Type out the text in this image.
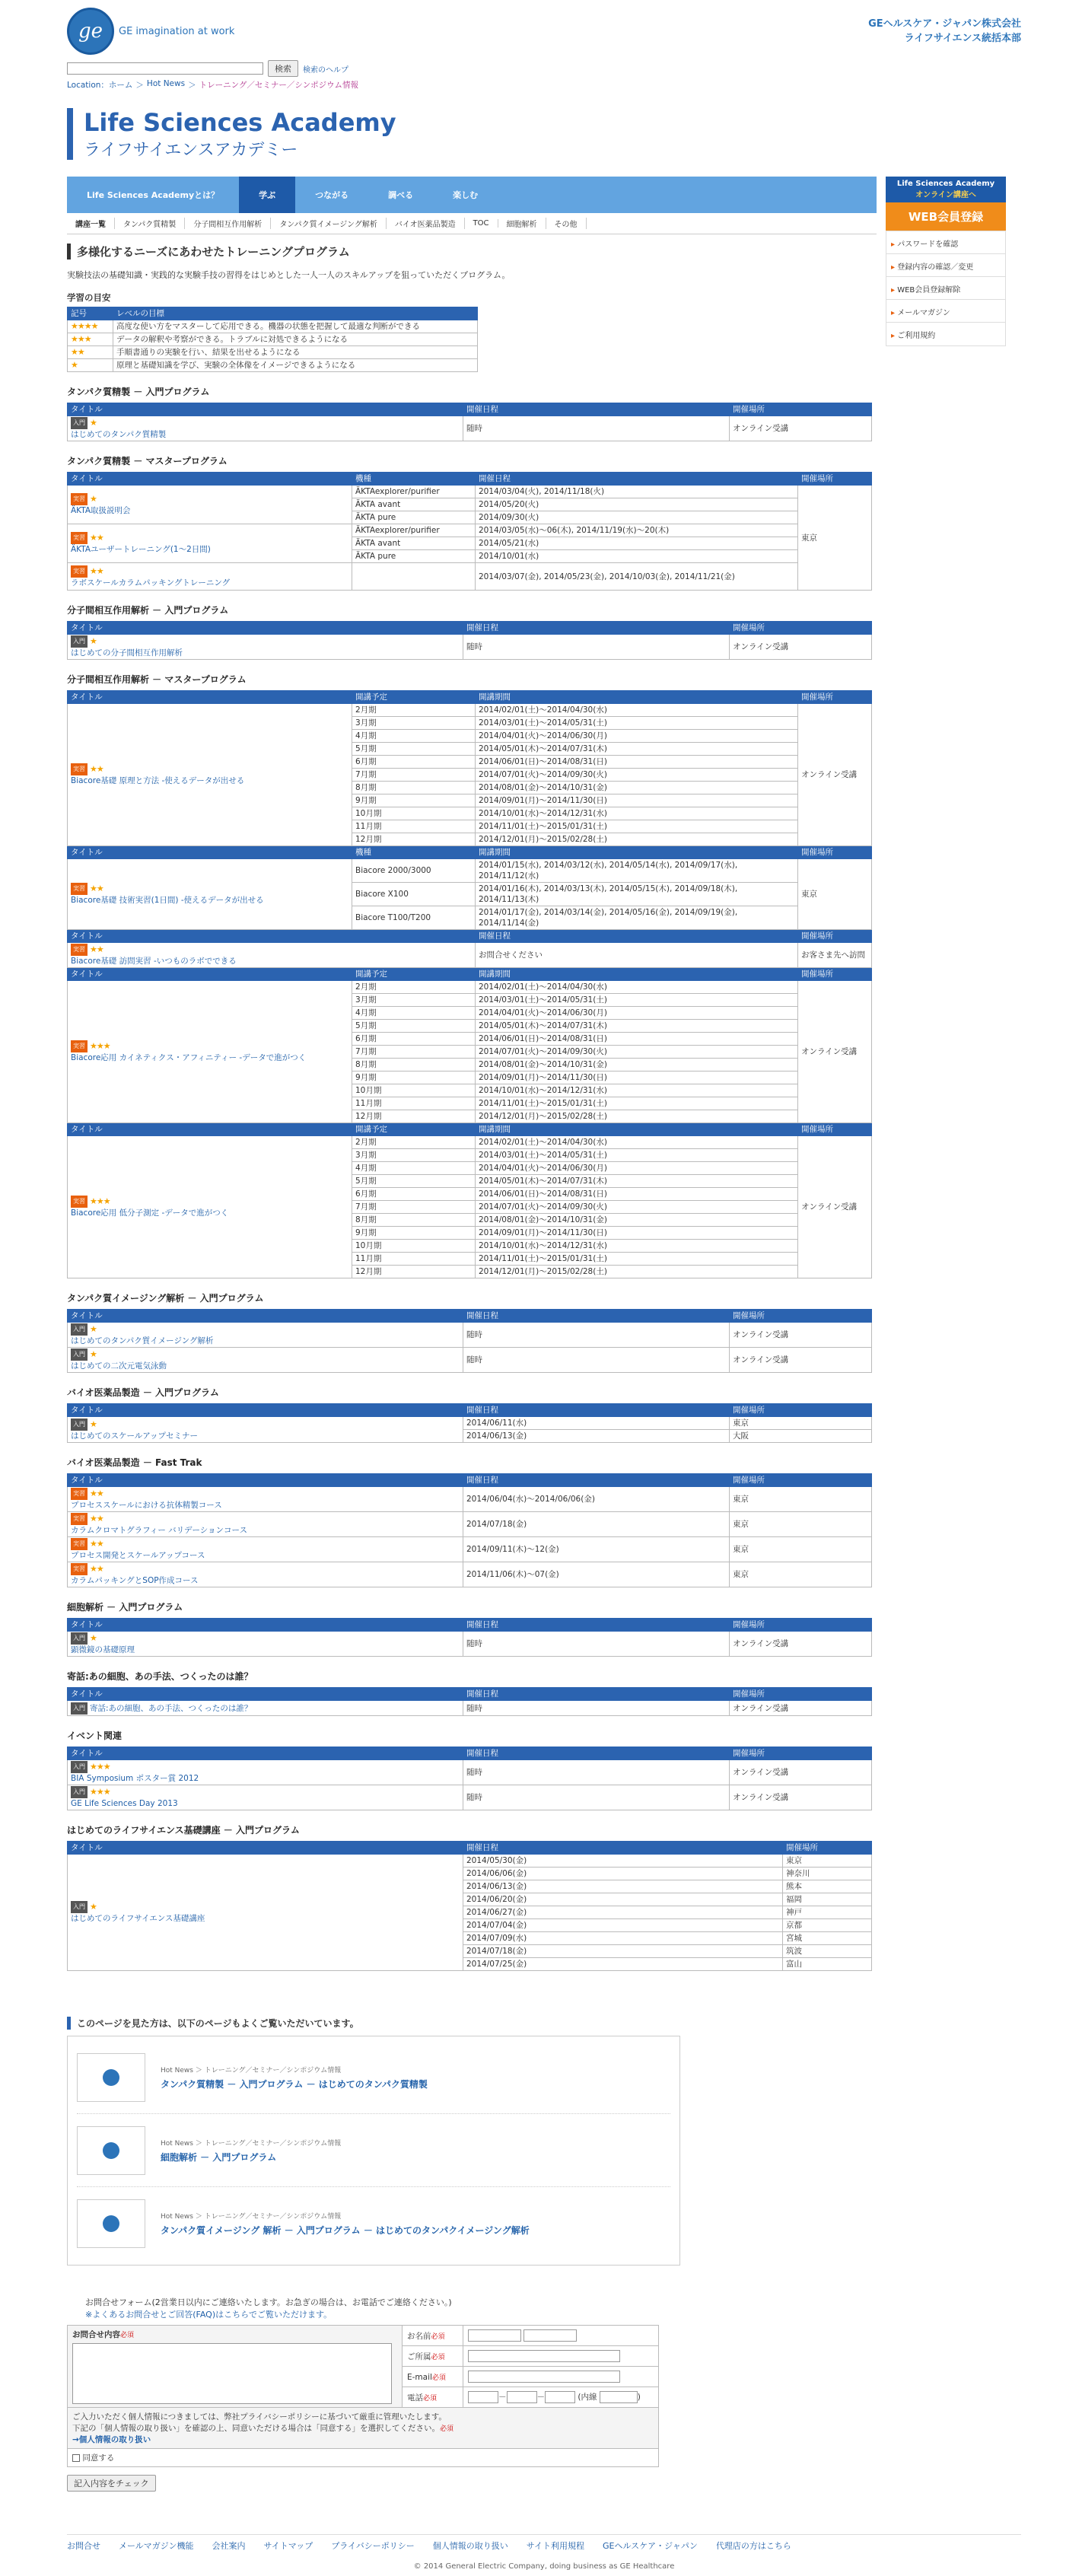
ge	GE imagination at work
GEヘルスケア・ジャパン株式会社
ライフサイエンス統括本部
検索	検索のヘルプ
Location：ホーム ＞ Hot News ＞ トレーニング／セミナー／シンポジウム情報
Life Sciences Academy
ライフサイエンスアカデミー
Life Sciences Academyとは？	学ぶ	つながる	調べる	楽しむ
講座一覧	タンパク質精製	分子間相互作用解析	タンパク質イメージング解析	バイオ医薬品製造	TOC	細胞解析	その他
Life Sciences Academy
オンライン講座へ
WEB会員登録
▸ パスワードを確認
▸ 登録内容の確認／変更
▸ WEB会員登録解除
▸ メールマガジン
▸ ご利用規約
多様化するニーズにあわせたトレーニングプログラム
実験技法の基礎知識・実践的な実験手技の習得をはじめとした一人一人のスキルアップを狙っていただくプログラム。
学習の目安
記号	レベルの目標
★★★★	高度な使い方をマスターして応用できる。機器の状態を把握して最適な判断ができる
★★★	データの解釈や考察ができる。トラブルに対処できるようになる
★★	手順書通りの実験を行い、結果を出せるようになる
★	原理と基礎知識を学び、実験の全体像をイメージできるようになる
タンパク質精製 － 入門プログラム
タイトル	開催日程	開催場所
入門 ★
はじめてのタンパク質精製	随時	オンライン受講
タンパク質精製 － マスタープログラム
タイトル	機種	開催日程	開催場所
実習 ★
ÄKTA取扱説明会	ÄKTAexplorer/purifier	2014/03/04(火), 2014/11/18(火)	東京
	ÄKTA avant	2014/05/20(火)	
	ÄKTA pure	2014/09/30(火)	
実習 ★★
ÄKTAユーザートレーニング(1～2日間)	ÄKTAexplorer/purifier	2014/03/05(水)～06(木), 2014/11/19(水)～20(木)	
	ÄKTA avant	2014/05/21(水)	
	ÄKTA pure	2014/10/01(水)	
実習 ★★
ラボスケールカラムパッキングトレーニング		2014/03/07(金), 2014/05/23(金), 2014/10/03(金), 2014/11/21(金)	

分子間相互作用解析 － 入門プログラム
タイトル	開催日程	開催場所
入門 ★
はじめての分子間相互作用解析	随時	オンライン受講
分子間相互作用解析 － マスタープログラム
タイトル	開講予定	開講期間	開催場所
実習 ★★
Biacore基礎 原理と方法 -使えるデータが出せる	2月期	2014/02/01(土)～2014/04/30(水)	オンライン受講
	3月期	2014/03/01(土)～2014/05/31(土)	
	4月期	2014/04/01(火)～2014/06/30(月)	
	5月期	2014/05/01(木)～2014/07/31(木)	
	6月期	2014/06/01(日)～2014/08/31(日)	
	7月期	2014/07/01(火)～2014/09/30(火)	
	8月期	2014/08/01(金)～2014/10/31(金)	
	9月期	2014/09/01(月)～2014/11/30(日)	
	10月期	2014/10/01(水)～2014/12/31(水)	
	11月期	2014/11/01(土)～2015/01/31(土)	
	12月期	2014/12/01(月)～2015/02/28(土)	
タイトル	機種	開講期間	開催場所
実習 ★★
Biacore基礎 技術実習(1日間) -使えるデータが出せる	Biacore 2000/3000	2014/01/15(水), 2014/03/12(水), 2014/05/14(水), 2014/09/17(水), 2014/11/12(水)	東京
	Biacore X100	2014/01/16(木), 2014/03/13(木), 2014/05/15(木), 2014/09/18(木), 2014/11/13(木)	
	Biacore T100/T200	2014/01/17(金), 2014/03/14(金), 2014/05/16(金), 2014/09/19(金), 2014/11/14(金)	
タイトル		開催日程	開催場所
実習 ★★
Biacore基礎 訪問実習 -いつものラボでできる		お問合せください	お客さま先へ訪問
タイトル	開講予定	開講期間	開催場所
実習 ★★★
Biacore応用 カイネティクス・アフィニティー -データで進がつく	2月期	2014/02/01(土)～2014/04/30(水)	オンライン受講
	3月期	2014/03/01(土)～2014/05/31(土)	
	4月期	2014/04/01(火)～2014/06/30(月)	
	5月期	2014/05/01(木)～2014/07/31(木)	
	6月期	2014/06/01(日)～2014/08/31(日)	
	7月期	2014/07/01(火)～2014/09/30(火)	
	8月期	2014/08/01(金)～2014/10/31(金)	
	9月期	2014/09/01(月)～2014/11/30(日)	
	10月期	2014/10/01(水)～2014/12/31(水)	
	11月期	2014/11/01(土)～2015/01/31(土)	
	12月期	2014/12/01(月)～2015/02/28(土)	
タイトル	開講予定	開講期間	開催場所
実習 ★★★
Biacore応用 低分子測定 -データで進がつく	2月期	2014/02/01(土)～2014/04/30(水)	オンライン受講
	3月期	2014/03/01(土)～2014/05/31(土)	
	4月期	2014/04/01(火)～2014/06/30(月)	
	5月期	2014/05/01(木)～2014/07/31(木)	
	6月期	2014/06/01(日)～2014/08/31(日)	
	7月期	2014/07/01(火)～2014/09/30(火)	
	8月期	2014/08/01(金)～2014/10/31(金)	
	9月期	2014/09/01(月)～2014/11/30(日)	
	10月期	2014/10/01(水)～2014/12/31(水)	
	11月期	2014/11/01(土)～2015/01/31(土)	
	12月期	2014/12/01(月)～2015/02/28(土)	
タンパク質イメージング解析 － 入門プログラム
タイトル	開催日程	開催場所
入門 ★
はじめてのタンパク質イメージング解析	随時	オンライン受講
入門 ★
はじめての二次元電気泳動	随時	オンライン受講
バイオ医薬品製造 － 入門プログラム
タイトル	開催日程	開催場所
入門 ★
はじめてのスケールアップセミナー	2014/06/11(水)	東京
	2014/06/13(金)	大阪
バイオ医薬品製造 － Fast Trak
タイトル	開催日程	開催場所
実習 ★★
プロセススケールにおける抗体精製コース	2014/06/04(水)～2014/06/06(金)	東京
実習 ★★
カラムクロマトグラフィー バリデーションコース	2014/07/18(金)	東京
実習 ★★
プロセス開発とスケールアップコース	2014/09/11(木)～12(金)	東京
実習 ★★
カラムパッキングとSOP作成コース	2014/11/06(木)～07(金)	東京
細胞解析 － 入門プログラム
タイトル	開催日程	開催場所
入門 ★
顕微鏡の基礎原理	随時	オンライン受講
寄話:あの細胞、あの手法、つくったのは誰？
タイトル	開催日程	開催場所
入門 寄話:あの細胞、あの手法、つくったのは誰？	随時	オンライン受講
イベント関連
タイトル	開催日程	開催場所
入門 ★★★
BIA Symposium ポスター賞 2012	随時	オンライン受講
入門 ★★★
GE Life Sciences Day 2013	随時	オンライン受講
はじめてのライフサイエンス基礎講座 － 入門プログラム
タイトル	開催日程	開催場所
入門 ★
はじめてのライフサイエンス基礎講座	2014/05/30(金)	東京
	2014/06/06(金)	神奈川
	2014/06/13(金)	熊本
	2014/06/20(金)	福岡
	2014/06/27(金)	神戸
	2014/07/04(金)	京都
	2014/07/09(水)	宮城
	2014/07/18(金)	筑波
	2014/07/25(金)	富山
このページを見た方は、以下のページもよくご覧いただいています。
Hot News ＞ トレーニング／セミナー／シンポジウム情報
タンパク質精製 － 入門プログラム － はじめてのタンパク質精製
Hot News ＞ トレーニング／セミナー／シンポジウム情報
細胞解析 － 入門プログラム
Hot News ＞ トレーニング／セミナー／シンポジウム情報
タンパク質イメージング 解析 － 入門プログラム － はじめてのタンパクイメージング解析
お問合せフォーム(2営業日以内にご連絡いたします。お急ぎの場合は、お電話でご連絡ください。)
※よくあるお問合せとご回答(FAQ)はこちらでご覧いただけます。
お問合せ内容必須	お名前必須	
	ご所属必須	
	E-mail必須	
	電話必須	－ － (内線 )

ご入力いただく個人情報につきましては、弊社プライバシーポリシーに基づいて厳重に管理いたします。
下記の「個人情報の取り扱い」を確認の上、同意いただける場合は「同意する」を選択してください。必須
→個人情報の取り扱い		

同意する		
記入内容をチェック
お問合せ メールマガジン機能 会社案内 サイトマップ プライバシーポリシー 個人情報の取り扱い サイト利用規程 GEヘルスケア・ジャパン 代理店の方はこちら
© 2014 General Electric Company, doing business as GE Healthcare
